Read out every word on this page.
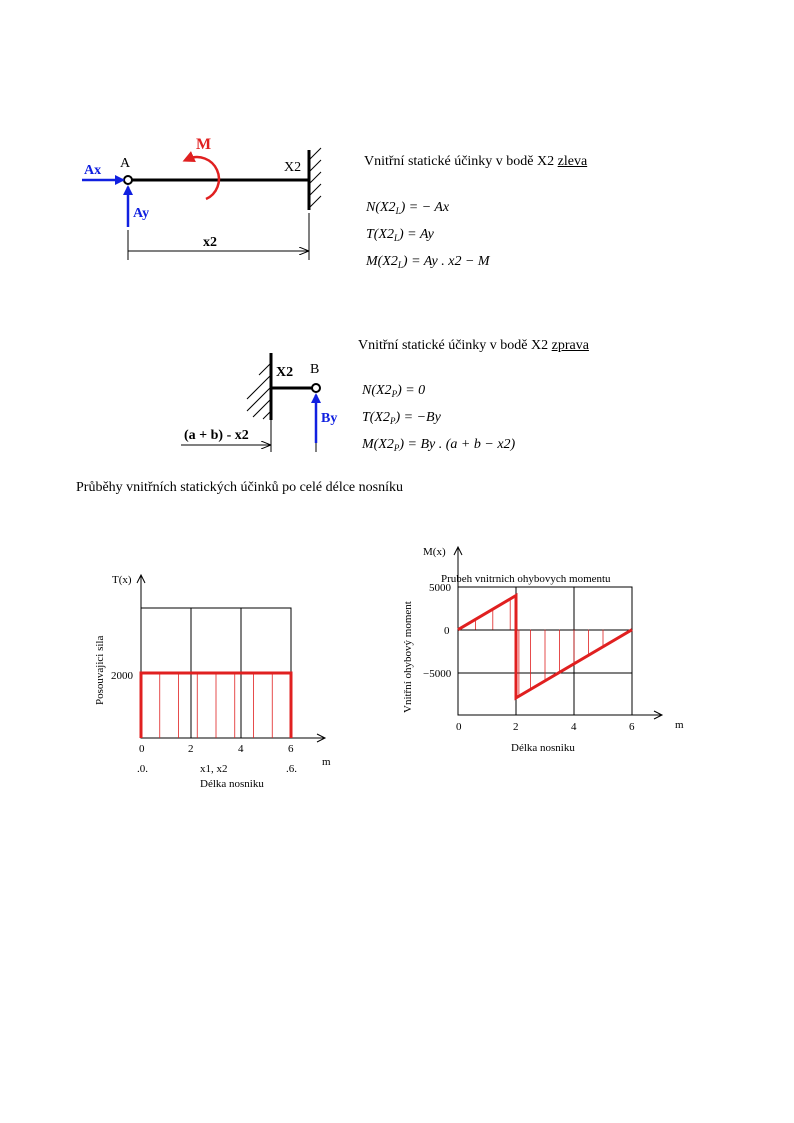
Ax A
Ay
M
X2
x2
Vnitřní statické účinky v bodě X2 zleva
$N(X2_L)$ = − Ax
$T(X2_L) = Ay$
$M(X2_L) = Ay$ . x2 − M
X2 B
By
(a + b) - x2
Vnitřní statické účinky v bodě X2 zprava
$N(X2_P) = 0$
$T(X2_P) = -By$
$M(X2_P) = By$ . (a + b − x2)
Průběhy vnitřních statických účinků po celé délce nosníku
T(x)
Posouvajici sila 2000
0	2	4	6
m
.0.	x1, x2	.6.
Délka nosniku
M(x)
Prubeh vnitrnich ohybovych momentu
Vnitřní ohybový moment
5000
0
−5000
0	2	4	6	m
Délka nosniku
